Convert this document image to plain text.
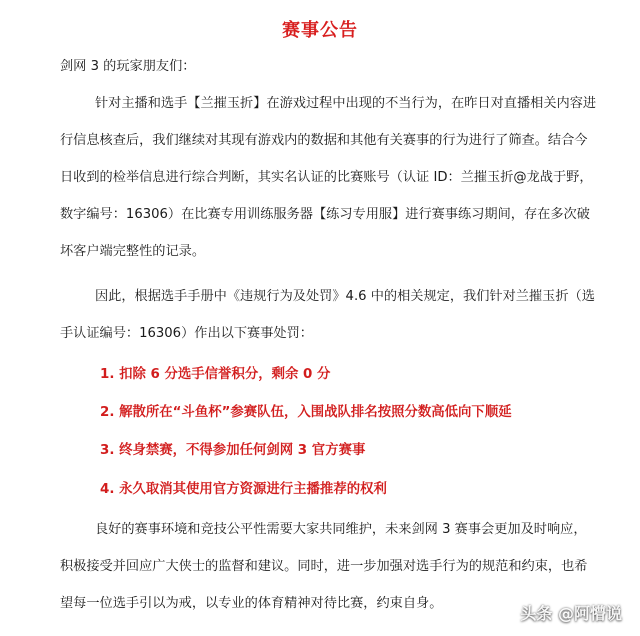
赛事公告
剑网 3 的玩家朋友们：
针对主播和选手【兰摧玉折】在游戏过程中出现的不当行为，在昨日对直播相关内容进
行信息核查后，我们继续对其现有游戏内的数据和其他有关赛事的行为进行了筛查。结合今
日收到的检举信息进行综合判断，其实名认证的比赛账号（认证 ID：兰摧玉折@龙战于野，
数字编号：16306）在比赛专用训练服务器【练习专用服】进行赛事练习期间，存在多次破
坏客户端完整性的记录。
因此，根据选手手册中《违规行为及处罚》4.6 中的相关规定，我们针对兰摧玉折（选
手认证编号：16306）作出以下赛事处罚：
1. 扣除 6 分选手信誉积分，剩余 0 分
2. 解散所在“斗鱼杯”参赛队伍，入围战队排名按照分数高低向下顺延
3. 终身禁赛，不得参加任何剑网 3 官方赛事
4. 永久取消其使用官方资源进行主播推荐的权利
良好的赛事环境和竞技公平性需要大家共同维护，未来剑网 3 赛事会更加及时响应，
积极接受并回应广大侠士的监督和建议。同时，进一步加强对选手行为的规范和约束，也希
望每一位选手引以为戒，以专业的体育精神对待比赛，约束自身。
头条 @阿懵说
